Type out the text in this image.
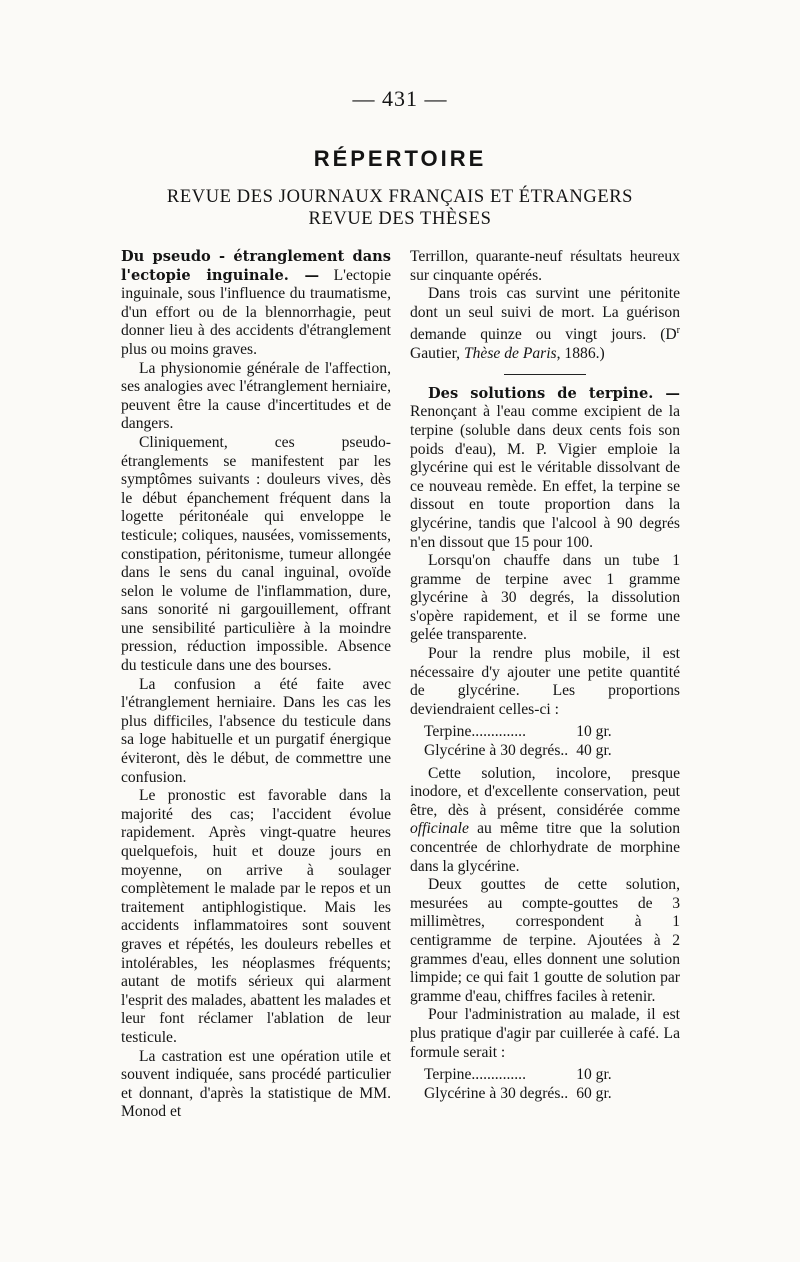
— 431 —
RÉPERTOIRE
REVUE DES JOURNAUX FRANÇAIS ET ÉTRANGERS
REVUE DES THÈSES

Du pseudo - étranglement dans l'ectopie inguinale. — L'ectopie inguinale, sous l'influence du traumatisme, d'un effort ou de la blennorrhagie, peut donner lieu à des accidents d'étranglement plus ou moins graves.

La physionomie générale de l'affection, ses analogies avec l'étranglement herniaire, peuvent être la cause d'incertitudes et de dangers.

Cliniquement, ces pseudo-étranglements se manifestent par les symptômes suivants : douleurs vives, dès le début épanchement fréquent dans la logette péritonéale qui enveloppe le testicule; coliques, nausées, vomissements, constipation, péritonisme, tumeur allongée dans le sens du canal inguinal, ovoïde selon le volume de l'inflammation, dure, sans sonorité ni gargouillement, offrant une sensibilité particulière à la moindre pression, réduction impossible. Absence du testicule dans une des bourses.

La confusion a été faite avec l'étranglement herniaire. Dans les cas les plus difficiles, l'absence du testicule dans sa loge habituelle et un purgatif énergique éviteront, dès le début, de commettre une confusion.

Le pronostic est favorable dans la majorité des cas; l'accident évolue rapidement. Après vingt-quatre heures quelquefois, huit et douze jours en moyenne, on arrive à soulager complètement le malade par le repos et un traitement antiphlogistique. Mais les accidents inflammatoires sont souvent graves et répétés, les douleurs rebelles et intolérables, les néoplasmes fréquents; autant de motifs sérieux qui alarment l'esprit des malades, abattent les malades et leur font réclamer l'ablation de leur testicule.

La castration est une opération utile et souvent indiquée, sans procédé particulier et donnant, d'après la statistique de MM. Monod et

Terrillon, quarante-neuf résultats heureux sur cinquante opérés.

Dans trois cas survint une péritonite dont un seul suivi de mort. La guérison demande quinze ou vingt jours. ($D^r$ Gautier, Thèse de Paris, 1886.)

Des solutions de terpine. — Renonçant à l'eau comme excipient de la terpine (soluble dans deux cents fois son poids d'eau), M. P. Vigier emploie la glycérine qui est le véritable dissolvant de ce nouveau remède. En effet, la terpine se dissout en toute proportion dans la glycérine, tandis que l'alcool à 90 degrés n'en dissout que 15 pour 100.

Lorsqu'on chauffe dans un tube 1 gramme de terpine avec 1 gramme glycérine à 30 degrés, la dissolution s'opère rapidement, et il se forme une gelée transparente.

Pour la rendre plus mobile, il est nécessaire d'y ajouter une petite quantité de glycérine. Les proportions deviendraient celles-ci :

Terpine..............	10 gr.
Glycérine à 30 degrés..	40 gr.

Cette solution, incolore, presque inodore, et d'excellente conservation, peut être, dès à présent, considérée comme officinale au même titre que la solution concentrée de chlorhydrate de morphine dans la glycérine.

Deux gouttes de cette solution, mesurées au compte-gouttes de 3 millimètres, correspondent à 1 centigramme de terpine. Ajoutées à 2 grammes d'eau, elles donnent une solution limpide; ce qui fait 1 goutte de solution par gramme d'eau, chiffres faciles à retenir.

Pour l'administration au malade, il est plus pratique d'agir par cuillerée à café. La formule serait :

Terpine..............	10 gr.
Glycérine à 30 degrés..	60 gr.
